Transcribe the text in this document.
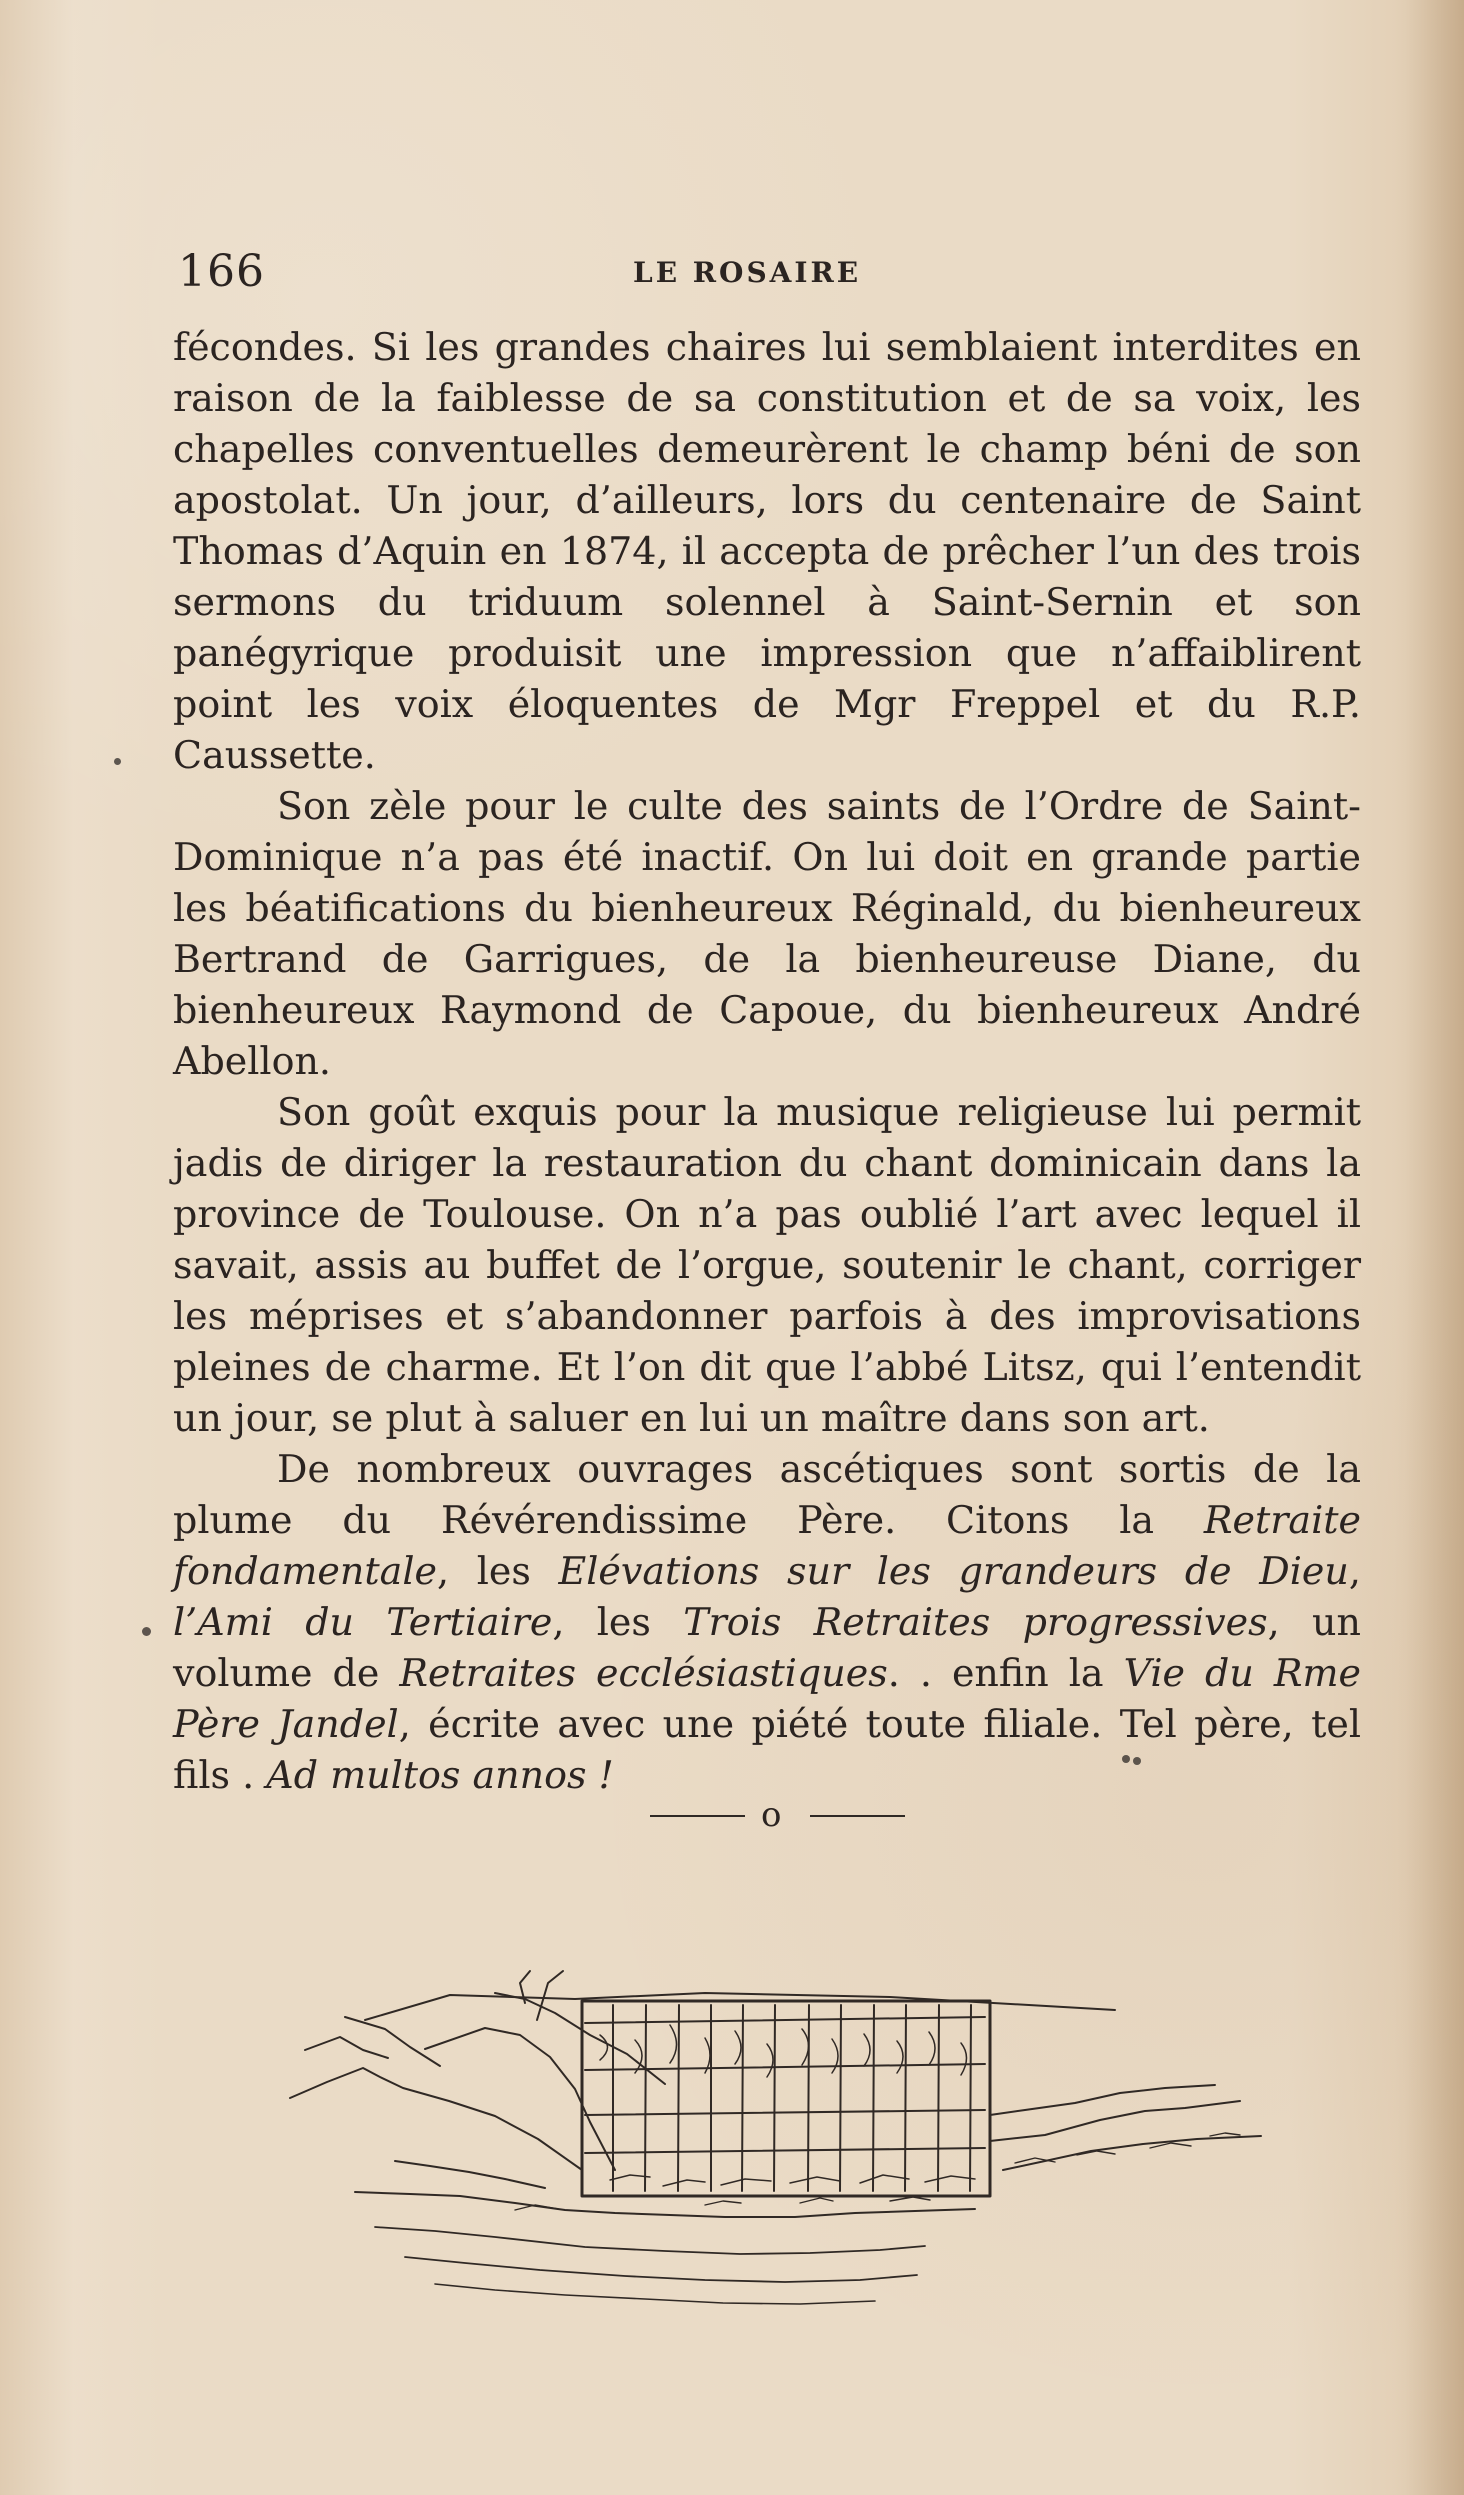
166	LE ROSAIRE

fécondes. Si les grandes chaires lui semblaient interdites en raison de la faiblesse de sa constitution et de sa voix, les chapelles conventuelles demeurèrent le champ béni de son apostolat. Un jour, d’ailleurs, lors du centenaire de Saint Thomas d’Aquin en 1874, il accepta de prêcher l’un des trois sermons du triduum solennel à Saint-Sernin et son panégyrique produisit une impression que n’affaiblirent point les voix éloquentes de Mgr Freppel et du R.P. Caussette.

Son zèle pour le culte des saints de l’Ordre de Saint-Dominique n’a pas été inactif. On lui doit en grande partie les béatifications du bienheureux Réginald, du bienheureux Bertrand de Garrigues, de la bienheureuse Diane, du bienheureux Raymond de Capoue, du bienheureux André Abellon.

Son goût exquis pour la musique religieuse lui permit jadis de diriger la restauration du chant dominicain dans la province de Toulouse. On n’a pas oublié l’art avec lequel il savait, assis au buffet de l’orgue, soutenir le chant, corriger les méprises et s’abandonner parfois à des improvisations pleines de charme. Et l’on dit que l’abbé Litsz, qui l’entendit un jour, se plut à saluer en lui un maître dans son art.

De nombreux ouvrages ascétiques sont sortis de la plume du Révérendissime Père. Citons la Retraite fondamentale, les Elévations sur les grandeurs de Dieu, l’Ami du Tertiaire, les Trois Retraites progressives, un volume de Retraites ecclésiastiques. . enfin la Vie du Rme Père Jandel, écrite avec une piété toute filiale. Tel père, tel fils . Ad multos annos !

o
